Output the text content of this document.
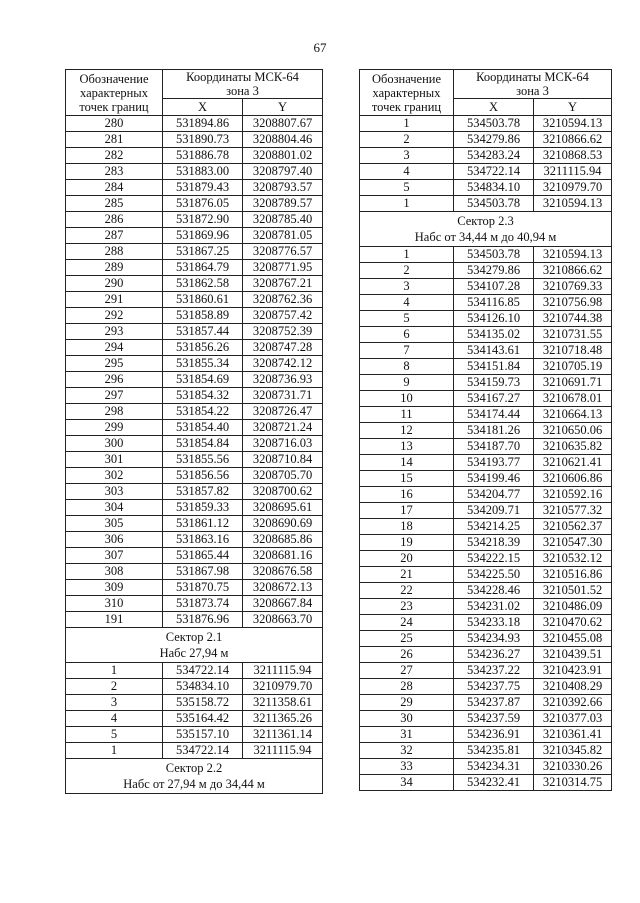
67
Обозначение характерных точек границ	Координаты МСК-64 зона 3	
	X	Y
280	531894.86	3208807.67
281	531890.73	3208804.46
282	531886.78	3208801.02
283	531883.00	3208797.40
284	531879.43	3208793.57
285	531876.05	3208789.57
286	531872.90	3208785.40
287	531869.96	3208781.05
288	531867.25	3208776.57
289	531864.79	3208771.95
290	531862.58	3208767.21
291	531860.61	3208762.36
292	531858.89	3208757.42
293	531857.44	3208752.39
294	531856.26	3208747.28
295	531855.34	3208742.12
296	531854.69	3208736.93
297	531854.32	3208731.71
298	531854.22	3208726.47
299	531854.40	3208721.24
300	531854.84	3208716.03
301	531855.56	3208710.84
302	531856.56	3208705.70
303	531857.82	3208700.62
304	531859.33	3208695.61
305	531861.12	3208690.69
306	531863.16	3208685.86
307	531865.44	3208681.16
308	531867.98	3208676.58
309	531870.75	3208672.13
310	531873.74	3208667.84
191	531876.96	3208663.70

Сектор 2.1
Набс 27,94 м		

1	534722.14	3211115.94
2	534834.10	3210979.70
3	535158.72	3211358.61
4	535164.42	3211365.26
5	535157.10	3211361.14
1	534722.14	3211115.94

Сектор 2.2
Набс от 27,94 м до 34,44 м		
Обозначение характерных точек границ	Координаты МСК-64 зона 3	
	X	Y
1	534503.78	3210594.13
2	534279.86	3210866.62
3	534283.24	3210868.53
4	534722.14	3211115.94
5	534834.10	3210979.70
1	534503.78	3210594.13

Сектор 2.3
Набс от 34,44 м до 40,94 м		

1	534503.78	3210594.13
2	534279.86	3210866.62
3	534107.28	3210769.33
4	534116.85	3210756.98
5	534126.10	3210744.38
6	534135.02	3210731.55
7	534143.61	3210718.48
8	534151.84	3210705.19
9	534159.73	3210691.71
10	534167.27	3210678.01
11	534174.44	3210664.13
12	534181.26	3210650.06
13	534187.70	3210635.82
14	534193.77	3210621.41
15	534199.46	3210606.86
16	534204.77	3210592.16
17	534209.71	3210577.32
18	534214.25	3210562.37
19	534218.39	3210547.30
20	534222.15	3210532.12
21	534225.50	3210516.86
22	534228.46	3210501.52
23	534231.02	3210486.09
24	534233.18	3210470.62
25	534234.93	3210455.08
26	534236.27	3210439.51
27	534237.22	3210423.91
28	534237.75	3210408.29
29	534237.87	3210392.66
30	534237.59	3210377.03
31	534236.91	3210361.41
32	534235.81	3210345.82
33	534234.31	3210330.26
34	534232.41	3210314.75
